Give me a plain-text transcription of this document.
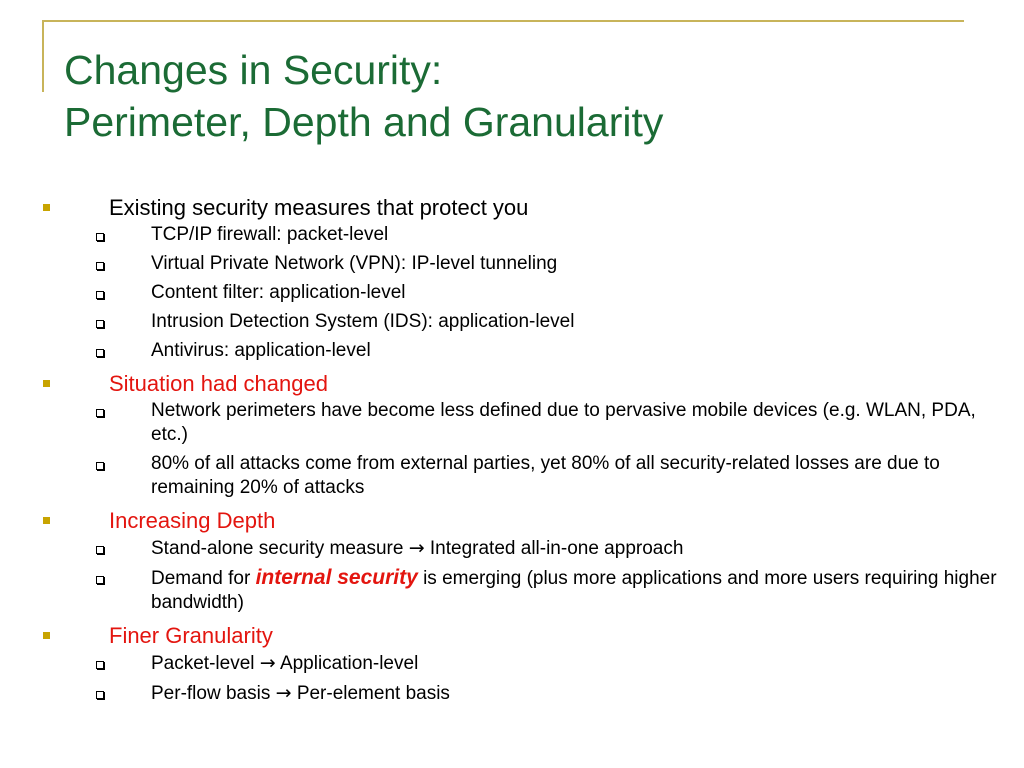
Changes in Security:
Perimeter, Depth and Granularity
Existing security measures that protect you
TCP/IP firewall: packet-level
Virtual Private Network (VPN): IP-level tunneling
Content filter: application-level
Intrusion Detection System (IDS): application-level
Antivirus: application-level
Situation had changed
Network perimeters have become less defined due to pervasive mobile devices (e.g. WLAN, PDA, etc.)
80% of all attacks come from external parties, yet 80% of all security-related losses are due to remaining 20% of attacks
Increasing Depth
Stand-alone security measure → Integrated all-in-one approach
Demand for internal security is emerging (plus more applications and more users requiring higher bandwidth)
Finer Granularity
Packet-level → Application-level
Per-flow basis → Per-element basis
